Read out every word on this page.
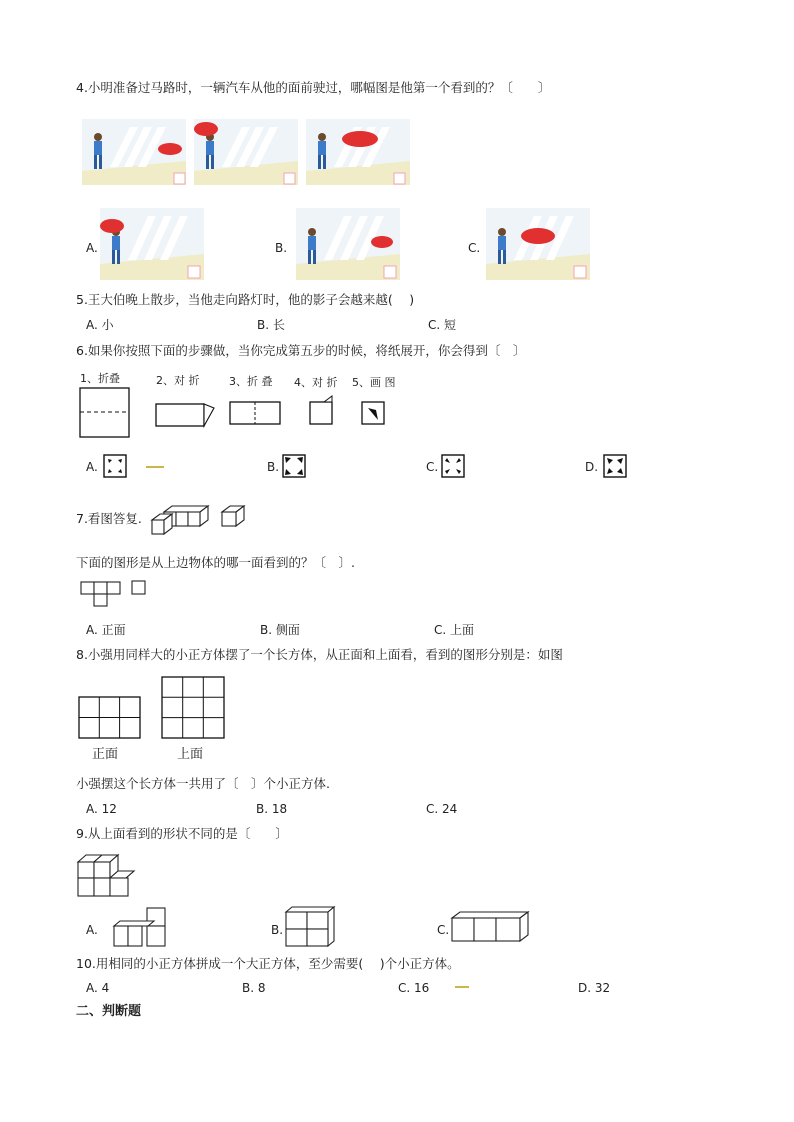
4.小明准备过马路时，一辆汽车从他的面前驶过，哪幅图是他第一个看到的？〔　　〕
A.	B.	C.
5.王大伯晚上散步，当他走向路灯时，他的影子会越来越(　 )
A. 小	B. 长	C. 短
6.如果你按照下面的步骤做，当你完成第五步的时候，将纸展开，你会得到〔　〕
1、折叠	2、对 折	3、折 叠 4、对 折 5、画 图
A.	B.	C.	D.
7.看图答复.
下面的图形是从上边物体的哪一面看到的？〔　〕.
A. 正面	B. 侧面	C. 上面
8.小强用同样大的小正方体摆了一个长方体，从正面和上面看，看到的图形分别是：如图
正面	上面
小强摆这个长方体一共用了〔　〕个小正方体.
A. 12	B. 18	C. 24
9.从上面看到的形状不同的是〔　　〕
A.	B.	C.
10.用相同的小正方体拼成一个大正方体，至少需要(　 )个小正方体。
A. 4	B. 8	C. 16	D. 32
二、判断题
